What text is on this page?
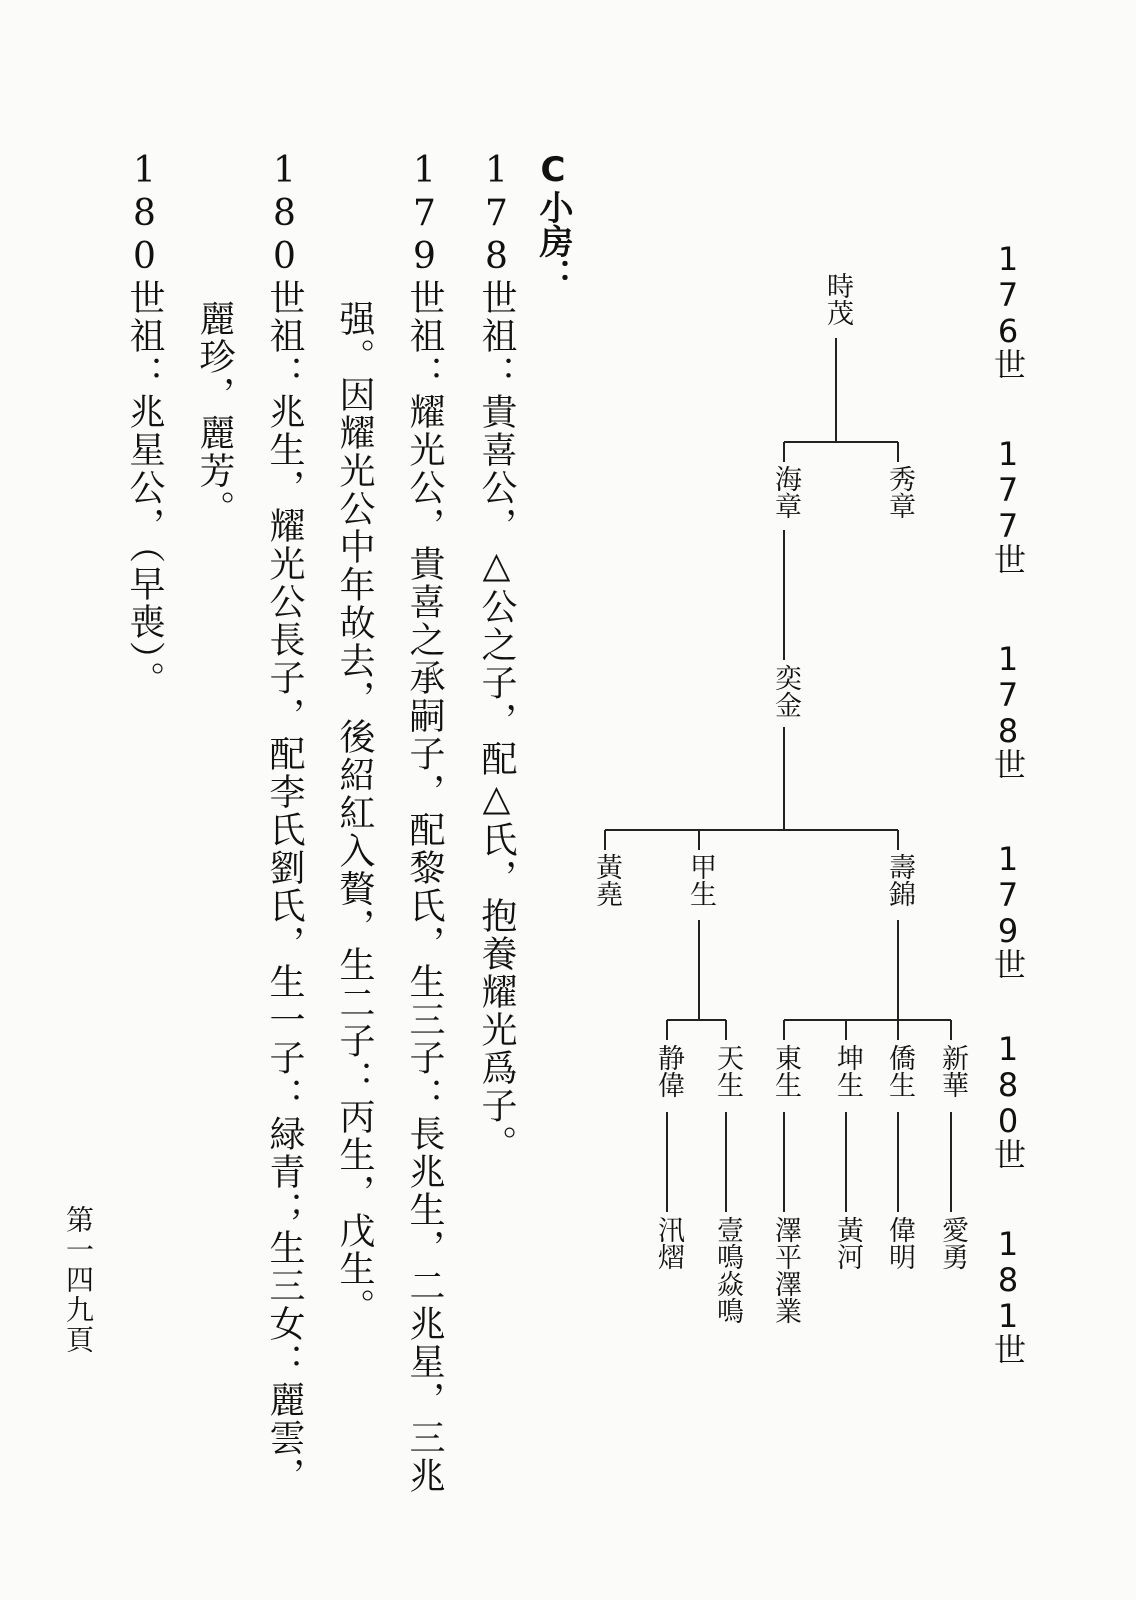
176世
177世
178世
179世
180世
181世
時茂
秀章
海章
奕金
壽錦
甲生
黃堯
新華
僑生
坤生
東生
天生
静偉
愛勇
偉明
黃河
澤平澤業
壹鳴焱鳴
汛熠
C小房：
178世祖：貴喜公，△公之子，配△氏，抱養耀光爲子。
179世祖：耀光公，貴喜之承嗣子，配黎氏，生三子：長兆生，二兆星，三兆
强。因耀光公中年故去，後紹紅入贅，生二子：丙生，戊生。
180世祖：兆生，耀光公長子，配李氏劉氏，生一子：緑青；生三女：麗雲，
麗珍，麗芳。
180世祖：兆星公，（早喪）。
第一四九頁
